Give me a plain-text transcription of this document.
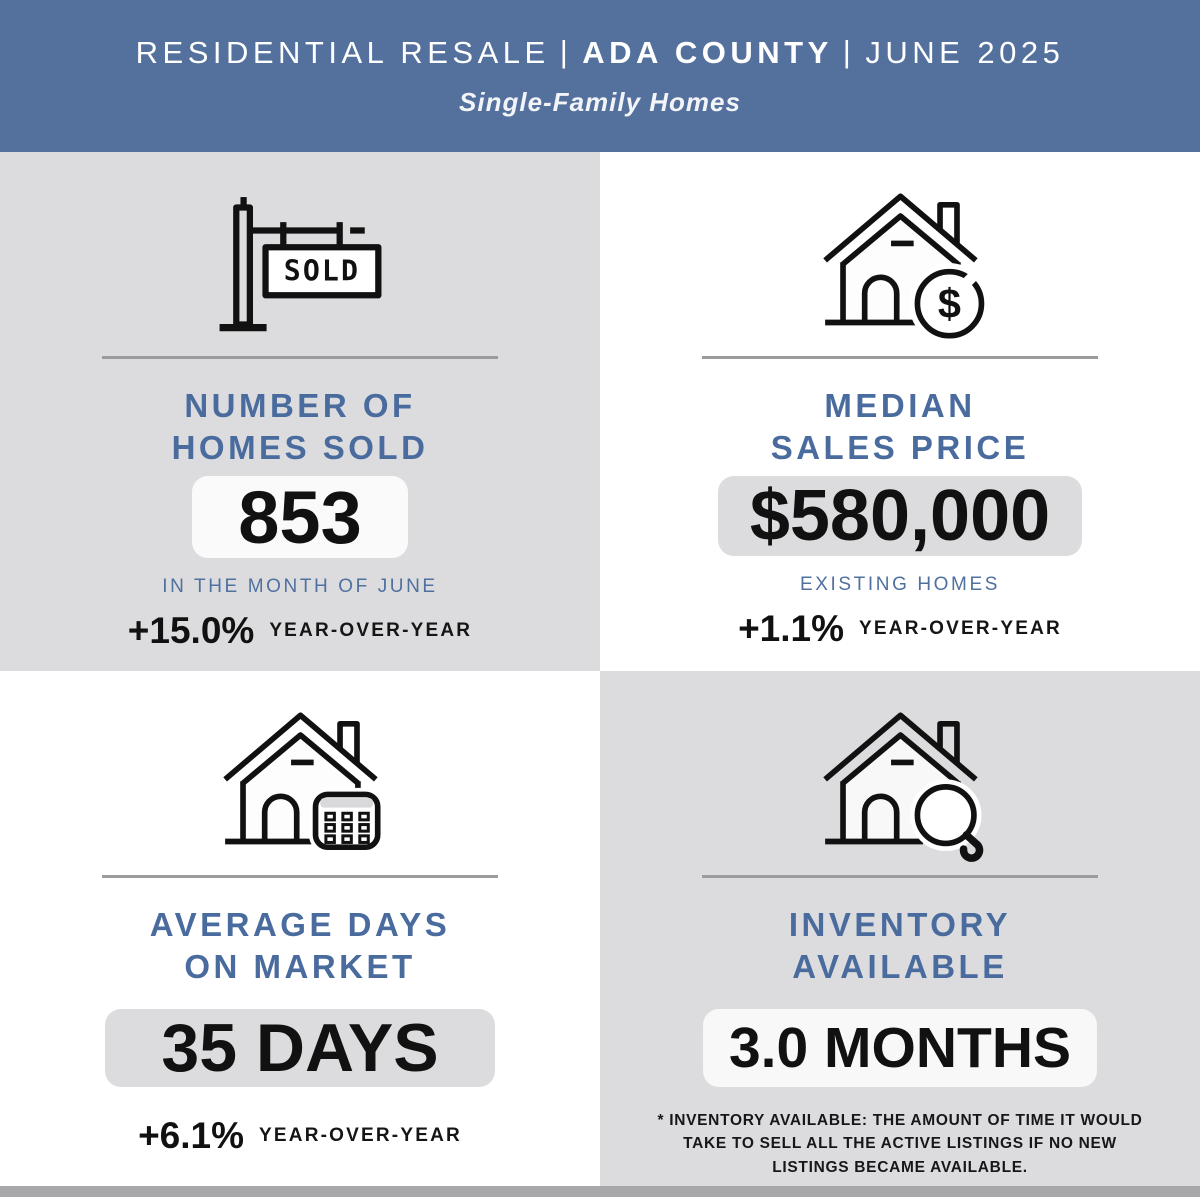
RESIDENTIAL RESALE | ADA COUNTY | JUNE 2025
Single-Family Homes
SOLD
NUMBER OF
HOMES SOLD
853
IN THE MONTH OF JUNE
+15.0% YEAR-OVER-YEAR
$
MEDIAN
SALES PRICE
$580,000
EXISTING HOMES
+1.1% YEAR-OVER-YEAR
AVERAGE DAYS
ON MARKET
35 DAYS
+6.1% YEAR-OVER-YEAR
INVENTORY
AVAILABLE
3.0 MONTHS
* INVENTORY AVAILABLE: THE AMOUNT OF TIME IT WOULD
TAKE TO SELL ALL THE ACTIVE LISTINGS IF NO NEW
LISTINGS BECAME AVAILABLE.
